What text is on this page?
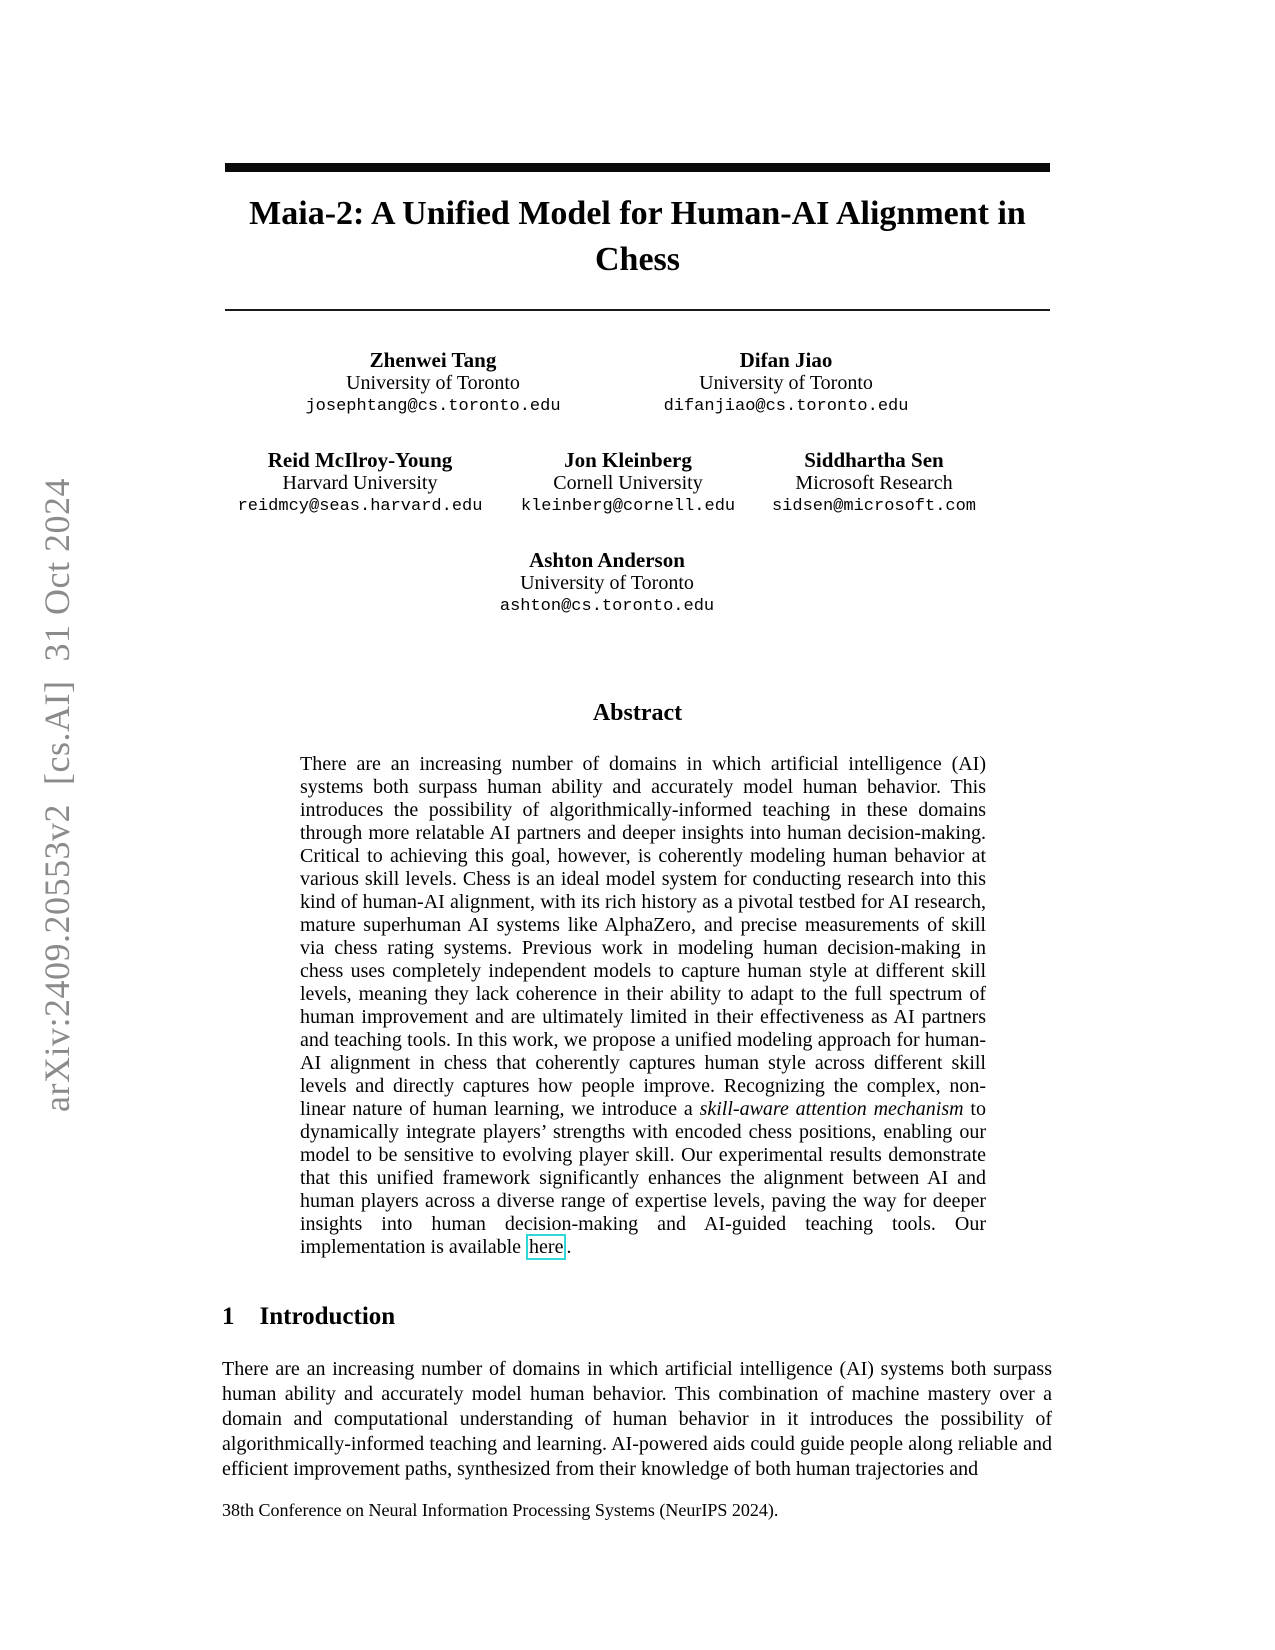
arXiv:2409.20553v2  [cs.AI]  31 Oct 2024
Maia-2: A Unified Model for Human-AI Alignment in
Chess
Zhenwei Tang
University of Toronto
josephtang@cs.toronto.edu
Difan Jiao
University of Toronto
difanjiao@cs.toronto.edu
Reid McIlroy-Young
Harvard University
reidmcy@seas.harvard.edu
Jon Kleinberg
Cornell University
kleinberg@cornell.edu
Siddhartha Sen
Microsoft Research
sidsen@microsoft.com
Ashton Anderson
University of Toronto
ashton@cs.toronto.edu
Abstract
There are an increasing number of domains in which artificial intelligence (AI) systems both surpass human ability and accurately model human behavior. This introduces the possibility of algorithmically-informed teaching in these domains through more relatable AI partners and deeper insights into human decision-making. Critical to achieving this goal, however, is coherently modeling human behavior at various skill levels. Chess is an ideal model system for conducting research into this kind of human-AI alignment, with its rich history as a pivotal testbed for AI research, mature superhuman AI systems like AlphaZero, and precise measurements of skill via chess rating systems. Previous work in modeling human decision-making in chess uses completely independent models to capture human style at different skill levels, meaning they lack coherence in their ability to adapt to the full spectrum of human improvement and are ultimately limited in their effectiveness as AI partners and teaching tools. In this work, we propose a unified modeling approach for human-AI alignment in chess that coherently captures human style across different skill levels and directly captures how people improve. Recognizing the complex, non-linear nature of human learning, we introduce a skill-aware attention mechanism to dynamically integrate players’ strengths with encoded chess positions, enabling our model to be sensitive to evolving player skill. Our experimental results demonstrate that this unified framework significantly enhances the alignment between AI and human players across a diverse range of expertise levels, paving the way for deeper insights into human decision-making and AI-guided teaching tools. Our implementation is available here .
1 Introduction
There are an increasing number of domains in which artificial intelligence (AI) systems both surpass human ability and accurately model human behavior. This combination of machine mastery over a domain and computational understanding of human behavior in it introduces the possibility of algorithmically-informed teaching and learning. AI-powered aids could guide people along reliable and efficient improvement paths, synthesized from their knowledge of both human trajectories and
38th Conference on Neural Information Processing Systems (NeurIPS 2024).
